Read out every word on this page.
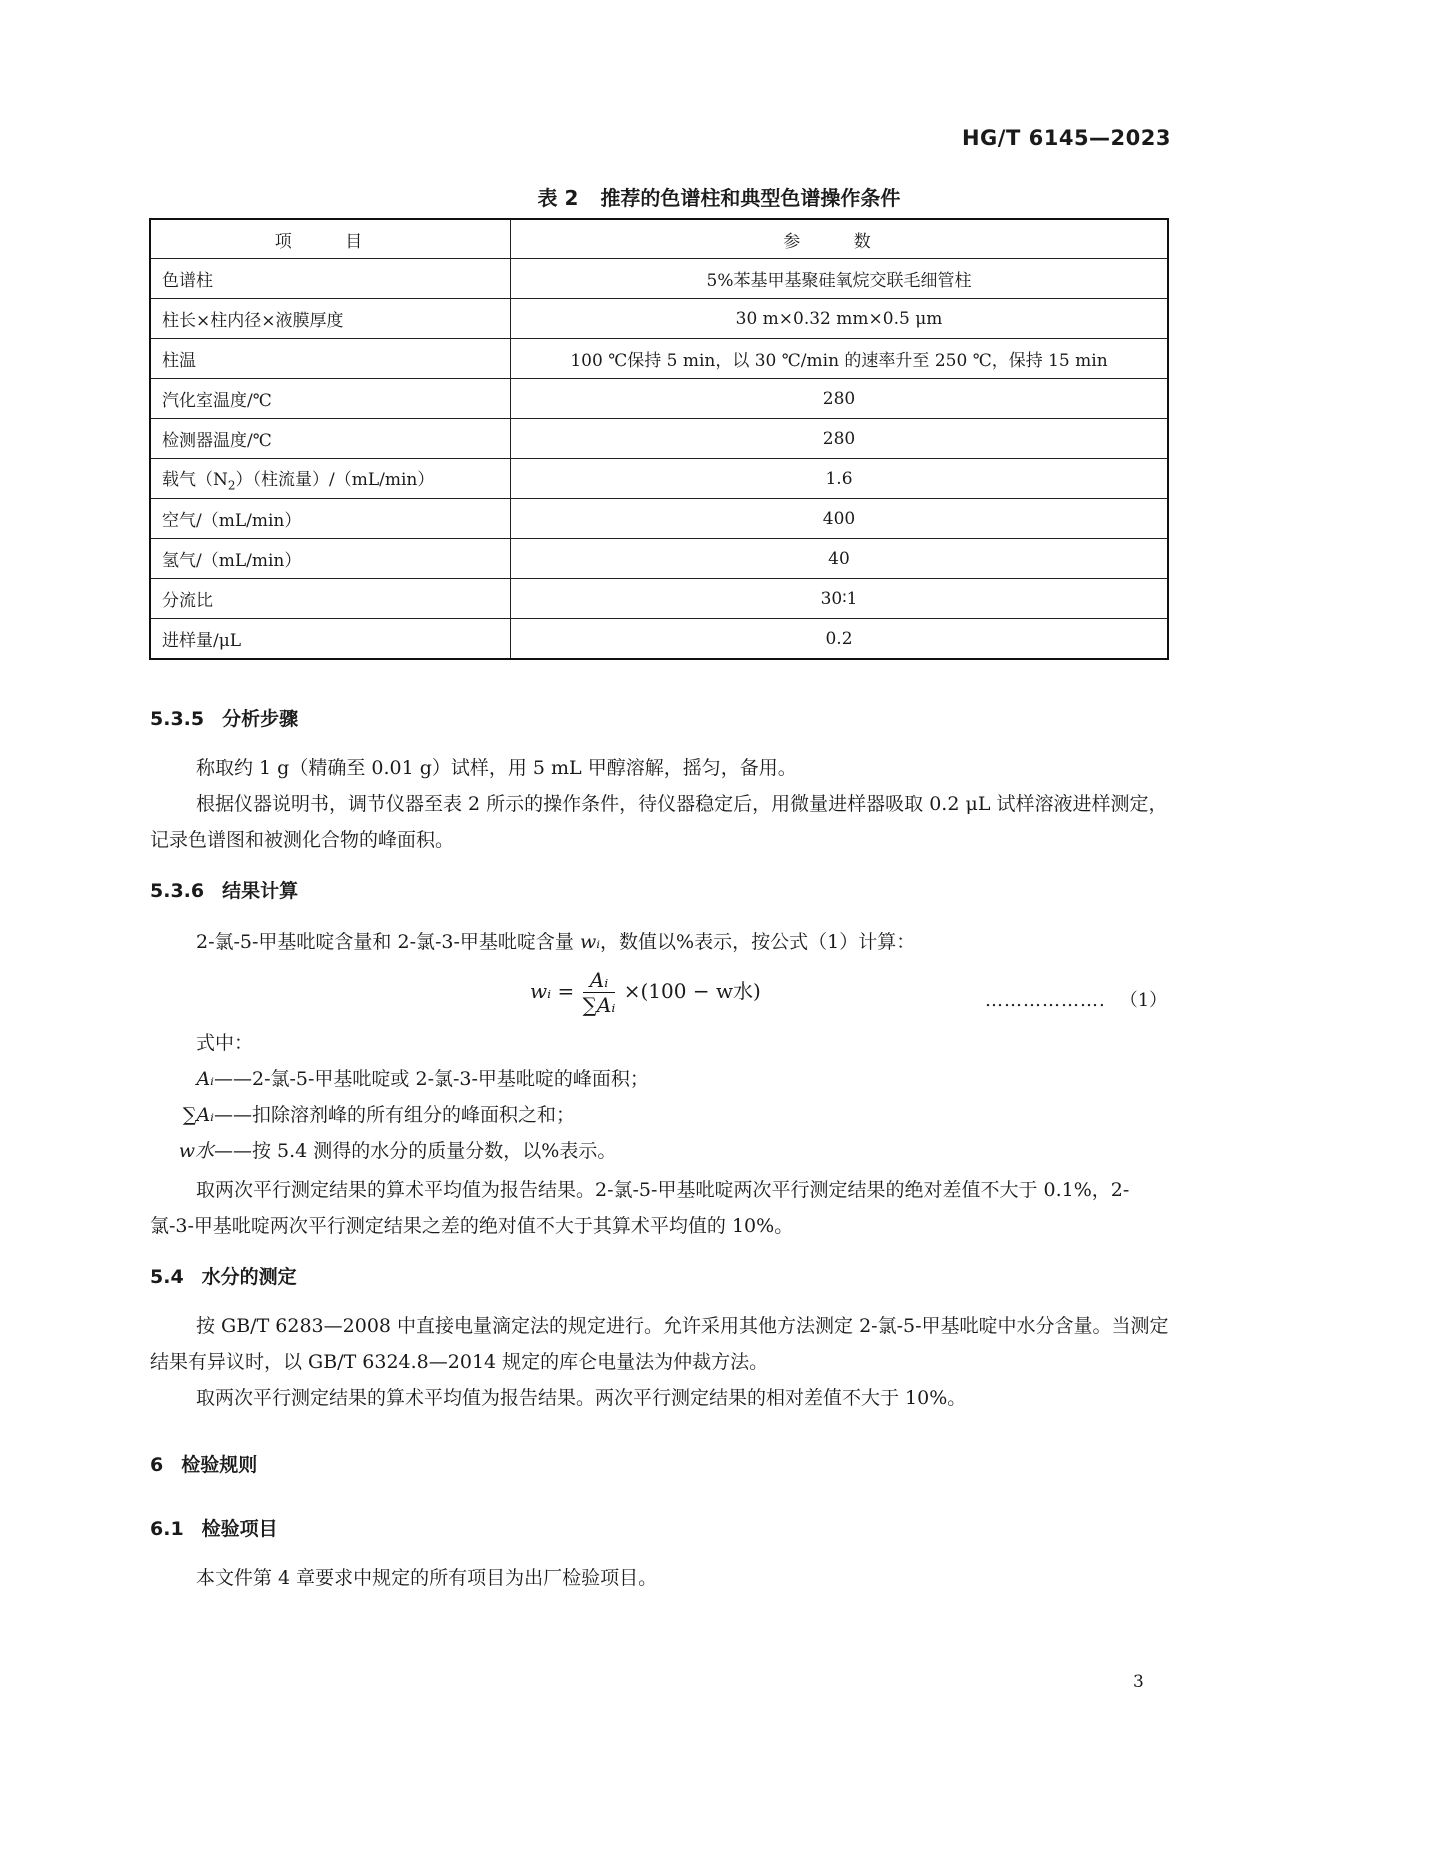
HG/T 6145—2023
表 2 推荐的色谱柱和典型色谱操作条件
项 目	参 数
色谱柱	5%苯基甲基聚硅氧烷交联毛细管柱
柱长×柱内径×液膜厚度	30 m×0.32 mm×0.5 μm
柱温	100 ℃保持 5 min，以 30 ℃/min 的速率升至 250 ℃，保持 15 min
汽化室温度/℃	280
检测器温度/℃	280
载气$(N_2)$（柱流量）/（mL/min）	1.6
空气/（mL/min）	400
氢气/（mL/min）	40
分流比	30∶1
进样量/μL	0.2
5.3.5 分析步骤
称取约 1 g（精确至 0.01 g）试样，用 5 mL 甲醇溶解，摇匀，备用。
根据仪器说明书，调节仪器至表 2 所示的操作条件，待仪器稳定后，用微量进样器吸取 0.2 μL 试样溶液进样测定，记录色谱图和被测化合物的峰面积。
5.3.6 结果计算
2-氯-5-甲基吡啶含量和 2-氯-3-甲基吡啶含量 wᵢ，数值以%表示，按公式（1）计算：
wᵢ = $\frac{\text{Aᵢ}}{\text{∑Aᵢ}} \times(100 - w$水)	………………. （1）
式中：
Aᵢ——2-氯-5-甲基吡啶或 2-氯-3-甲基吡啶的峰面积；
∑Aᵢ——扣除溶剂峰的所有组分的峰面积之和；
w水——按 5.4 测得的水分的质量分数，以%表示。
取两次平行测定结果的算术平均值为报告结果。2-氯-5-甲基吡啶两次平行测定结果的绝对差值不大于 0.1%，2-氯-3-甲基吡啶两次平行测定结果之差的绝对值不大于其算术平均值的 10%。
5.4 水分的测定
按 GB/T 6283—2008 中直接电量滴定法的规定进行。允许采用其他方法测定 2-氯-5-甲基吡啶中水分含量。当测定结果有异议时，以 GB/T 6324.8—2014 规定的库仑电量法为仲裁方法。
取两次平行测定结果的算术平均值为报告结果。两次平行测定结果的相对差值不大于 10%。
6 检验规则
6.1 检验项目
本文件第 4 章要求中规定的所有项目为出厂检验项目。
3
